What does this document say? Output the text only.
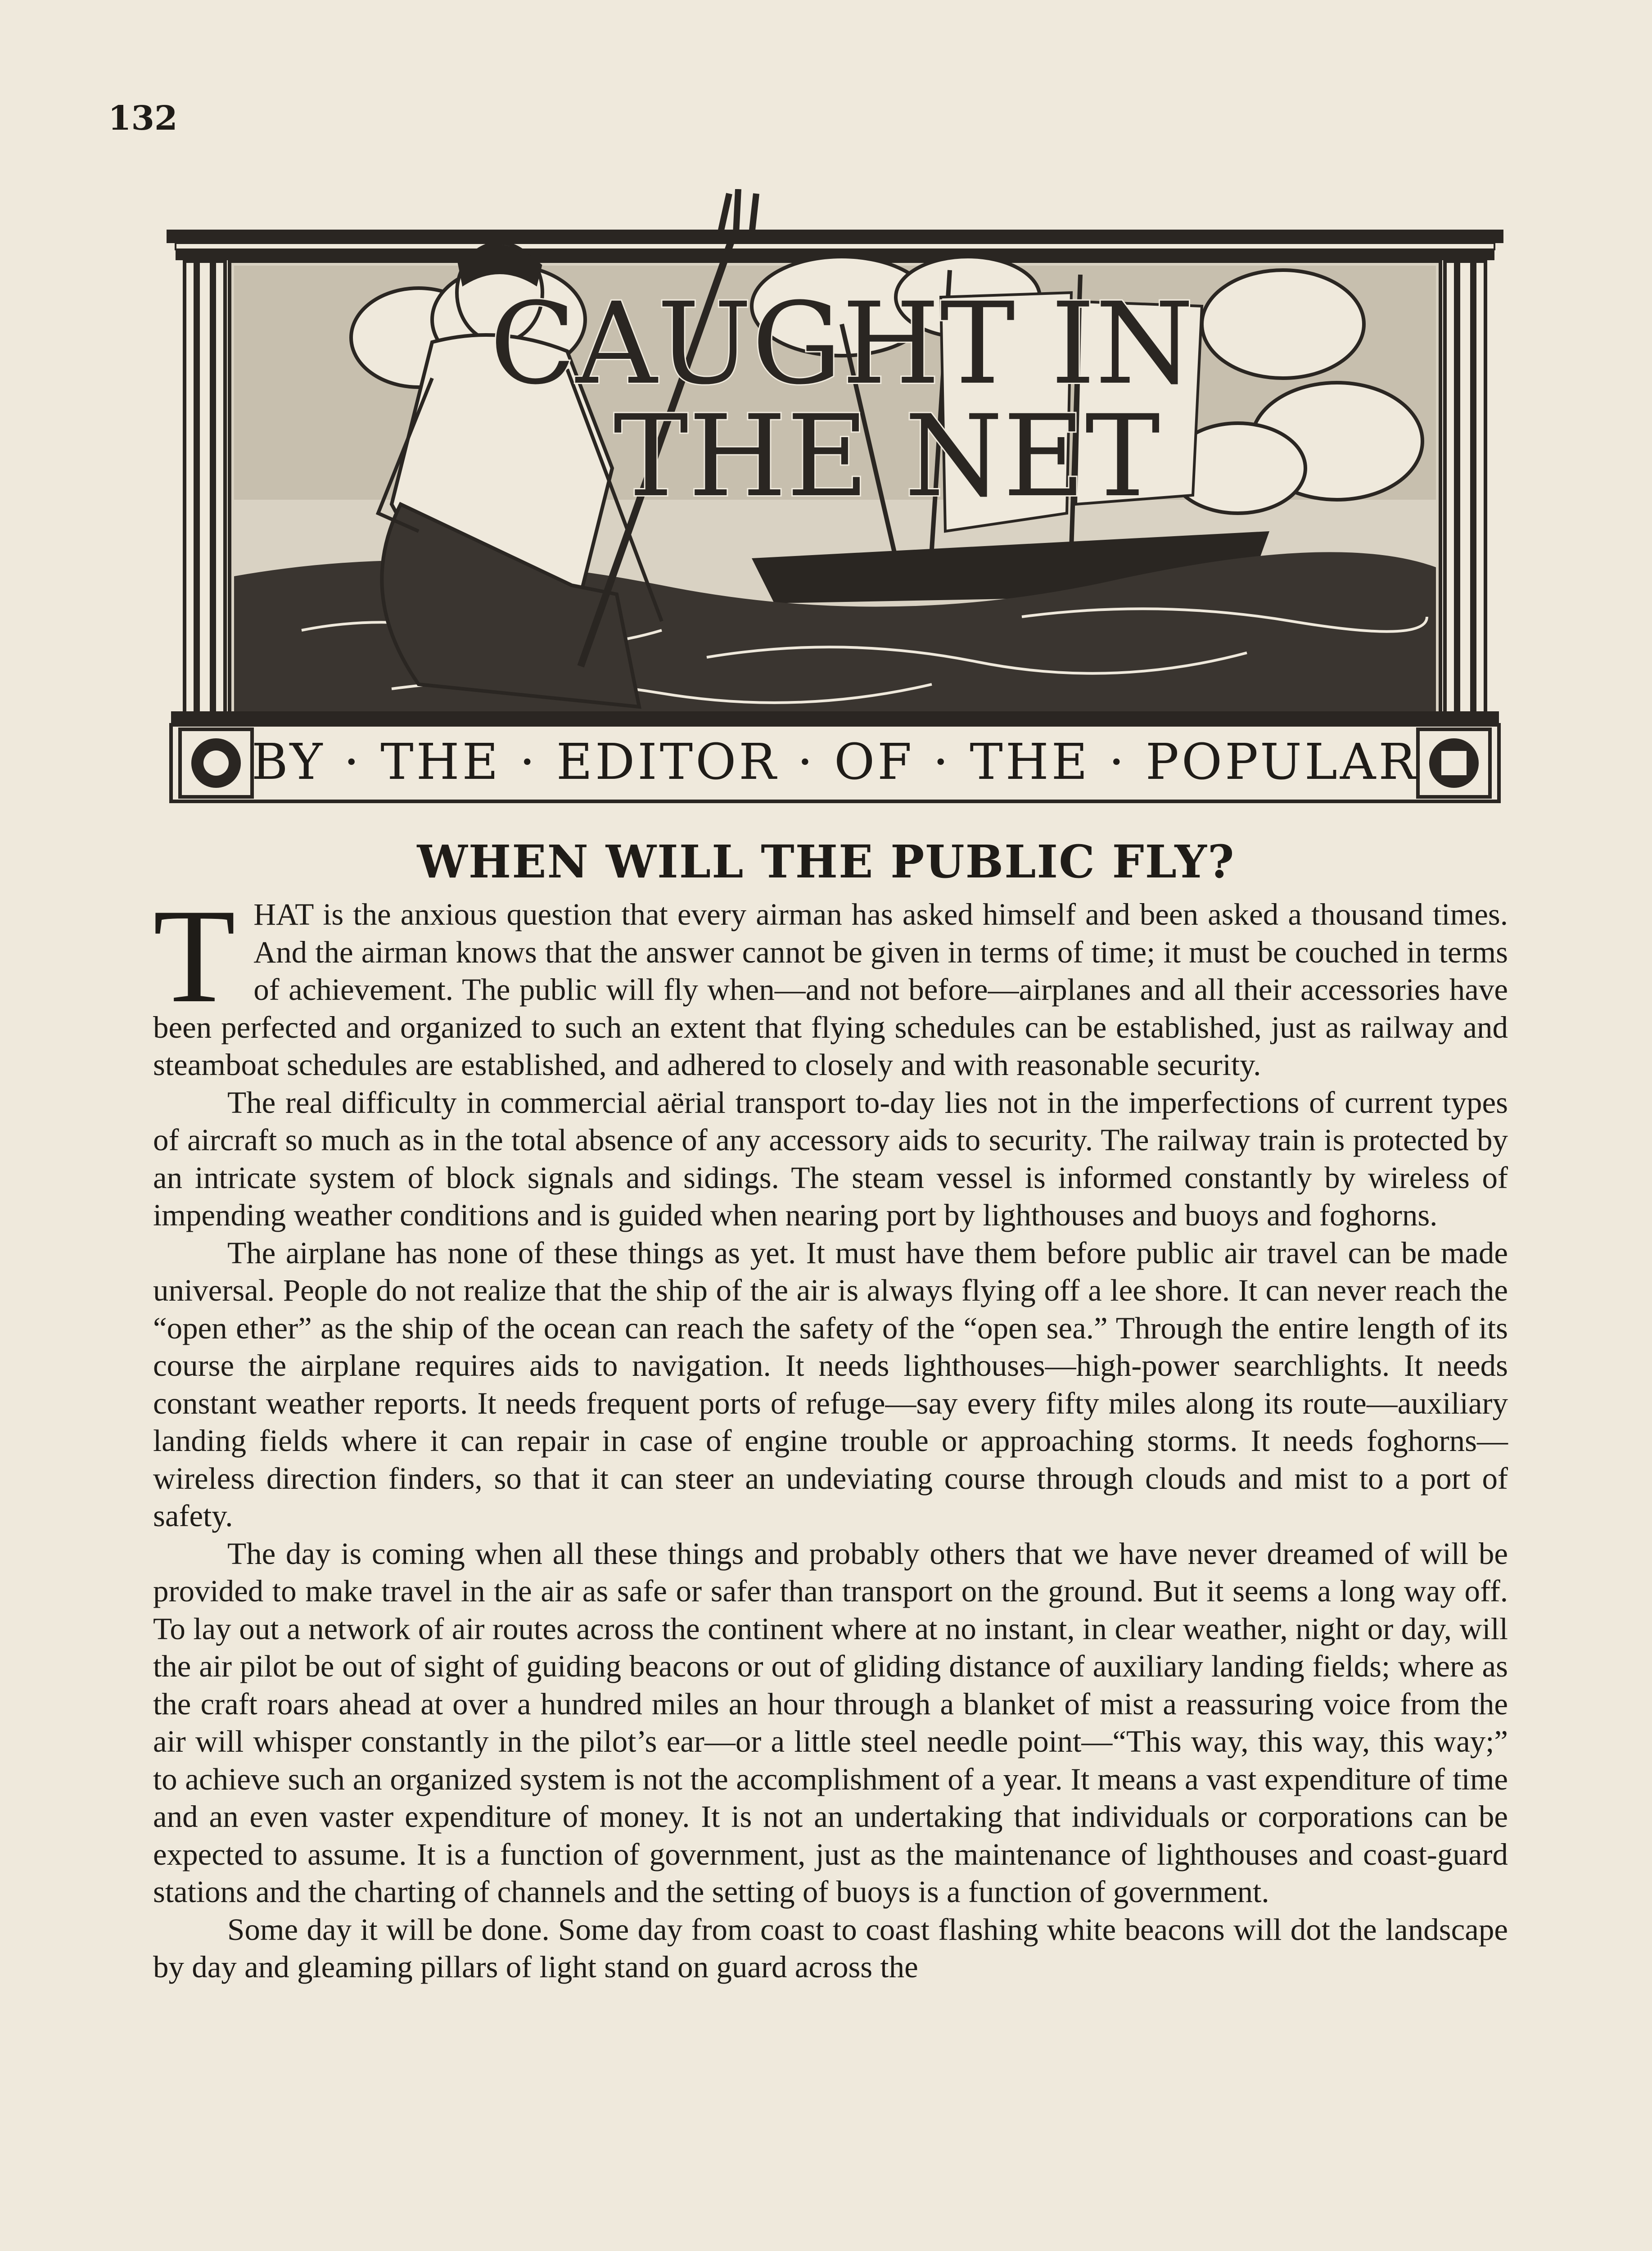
132
CAUGHT IN
THE NET
BY · THE · EDITOR · OF · THE · POPULAR
WHEN WILL THE PUBLIC FLY?

THAT is the anxious question that every airman has asked himself and been asked a thousand times. And the airman knows that the answer cannot be given in terms of time; it must be couched in terms of achievement. The public will fly when—and not before—airplanes and all their accessories have been perfected and organized to such an extent that flying schedules can be established, just as railway and steamboat schedules are established, and adhered to closely and with reasonable security.

The real difficulty in commercial aërial transport to-day lies not in the imperfections of current types of aircraft so much as in the total absence of any accessory aids to security. The railway train is protected by an intricate system of block signals and sidings. The steam vessel is informed constantly by wireless of impending weather conditions and is guided when nearing port by lighthouses and buoys and foghorns.

The airplane has none of these things as yet. It must have them before public air travel can be made universal. People do not realize that the ship of the air is always flying off a lee shore. It can never reach the “open ether” as the ship of the ocean can reach the safety of the “open sea.” Through the entire length of its course the airplane requires aids to navigation. It needs lighthouses—high-power searchlights. It needs constant weather reports. It needs frequent ports of refuge—say every fifty miles along its route—auxiliary landing fields where it can repair in case of engine trouble or approaching storms. It needs foghorns—wireless direction finders, so that it can steer an undeviating course through clouds and mist to a port of safety.

The day is coming when all these things and probably others that we have never dreamed of will be provided to make travel in the air as safe or safer than transport on the ground. But it seems a long way off. To lay out a network of air routes across the continent where at no instant, in clear weather, night or day, will the air pilot be out of sight of guiding beacons or out of gliding distance of auxiliary landing fields; where as the craft roars ahead at over a hundred miles an hour through a blanket of mist a reassuring voice from the air will whisper constantly in the pilot’s ear—or a little steel needle point—“This way, this way, this way;” to achieve such an organized system is not the accomplishment of a year. It means a vast expenditure of time and an even vaster expenditure of money. It is not an undertaking that individuals or corporations can be expected to assume. It is a function of government, just as the maintenance of lighthouses and coast-guard stations and the charting of channels and the setting of buoys is a function of government.

Some day it will be done. Some day from coast to coast flashing white beacons will dot the landscape by day and gleaming pillars of light stand on guard across the
